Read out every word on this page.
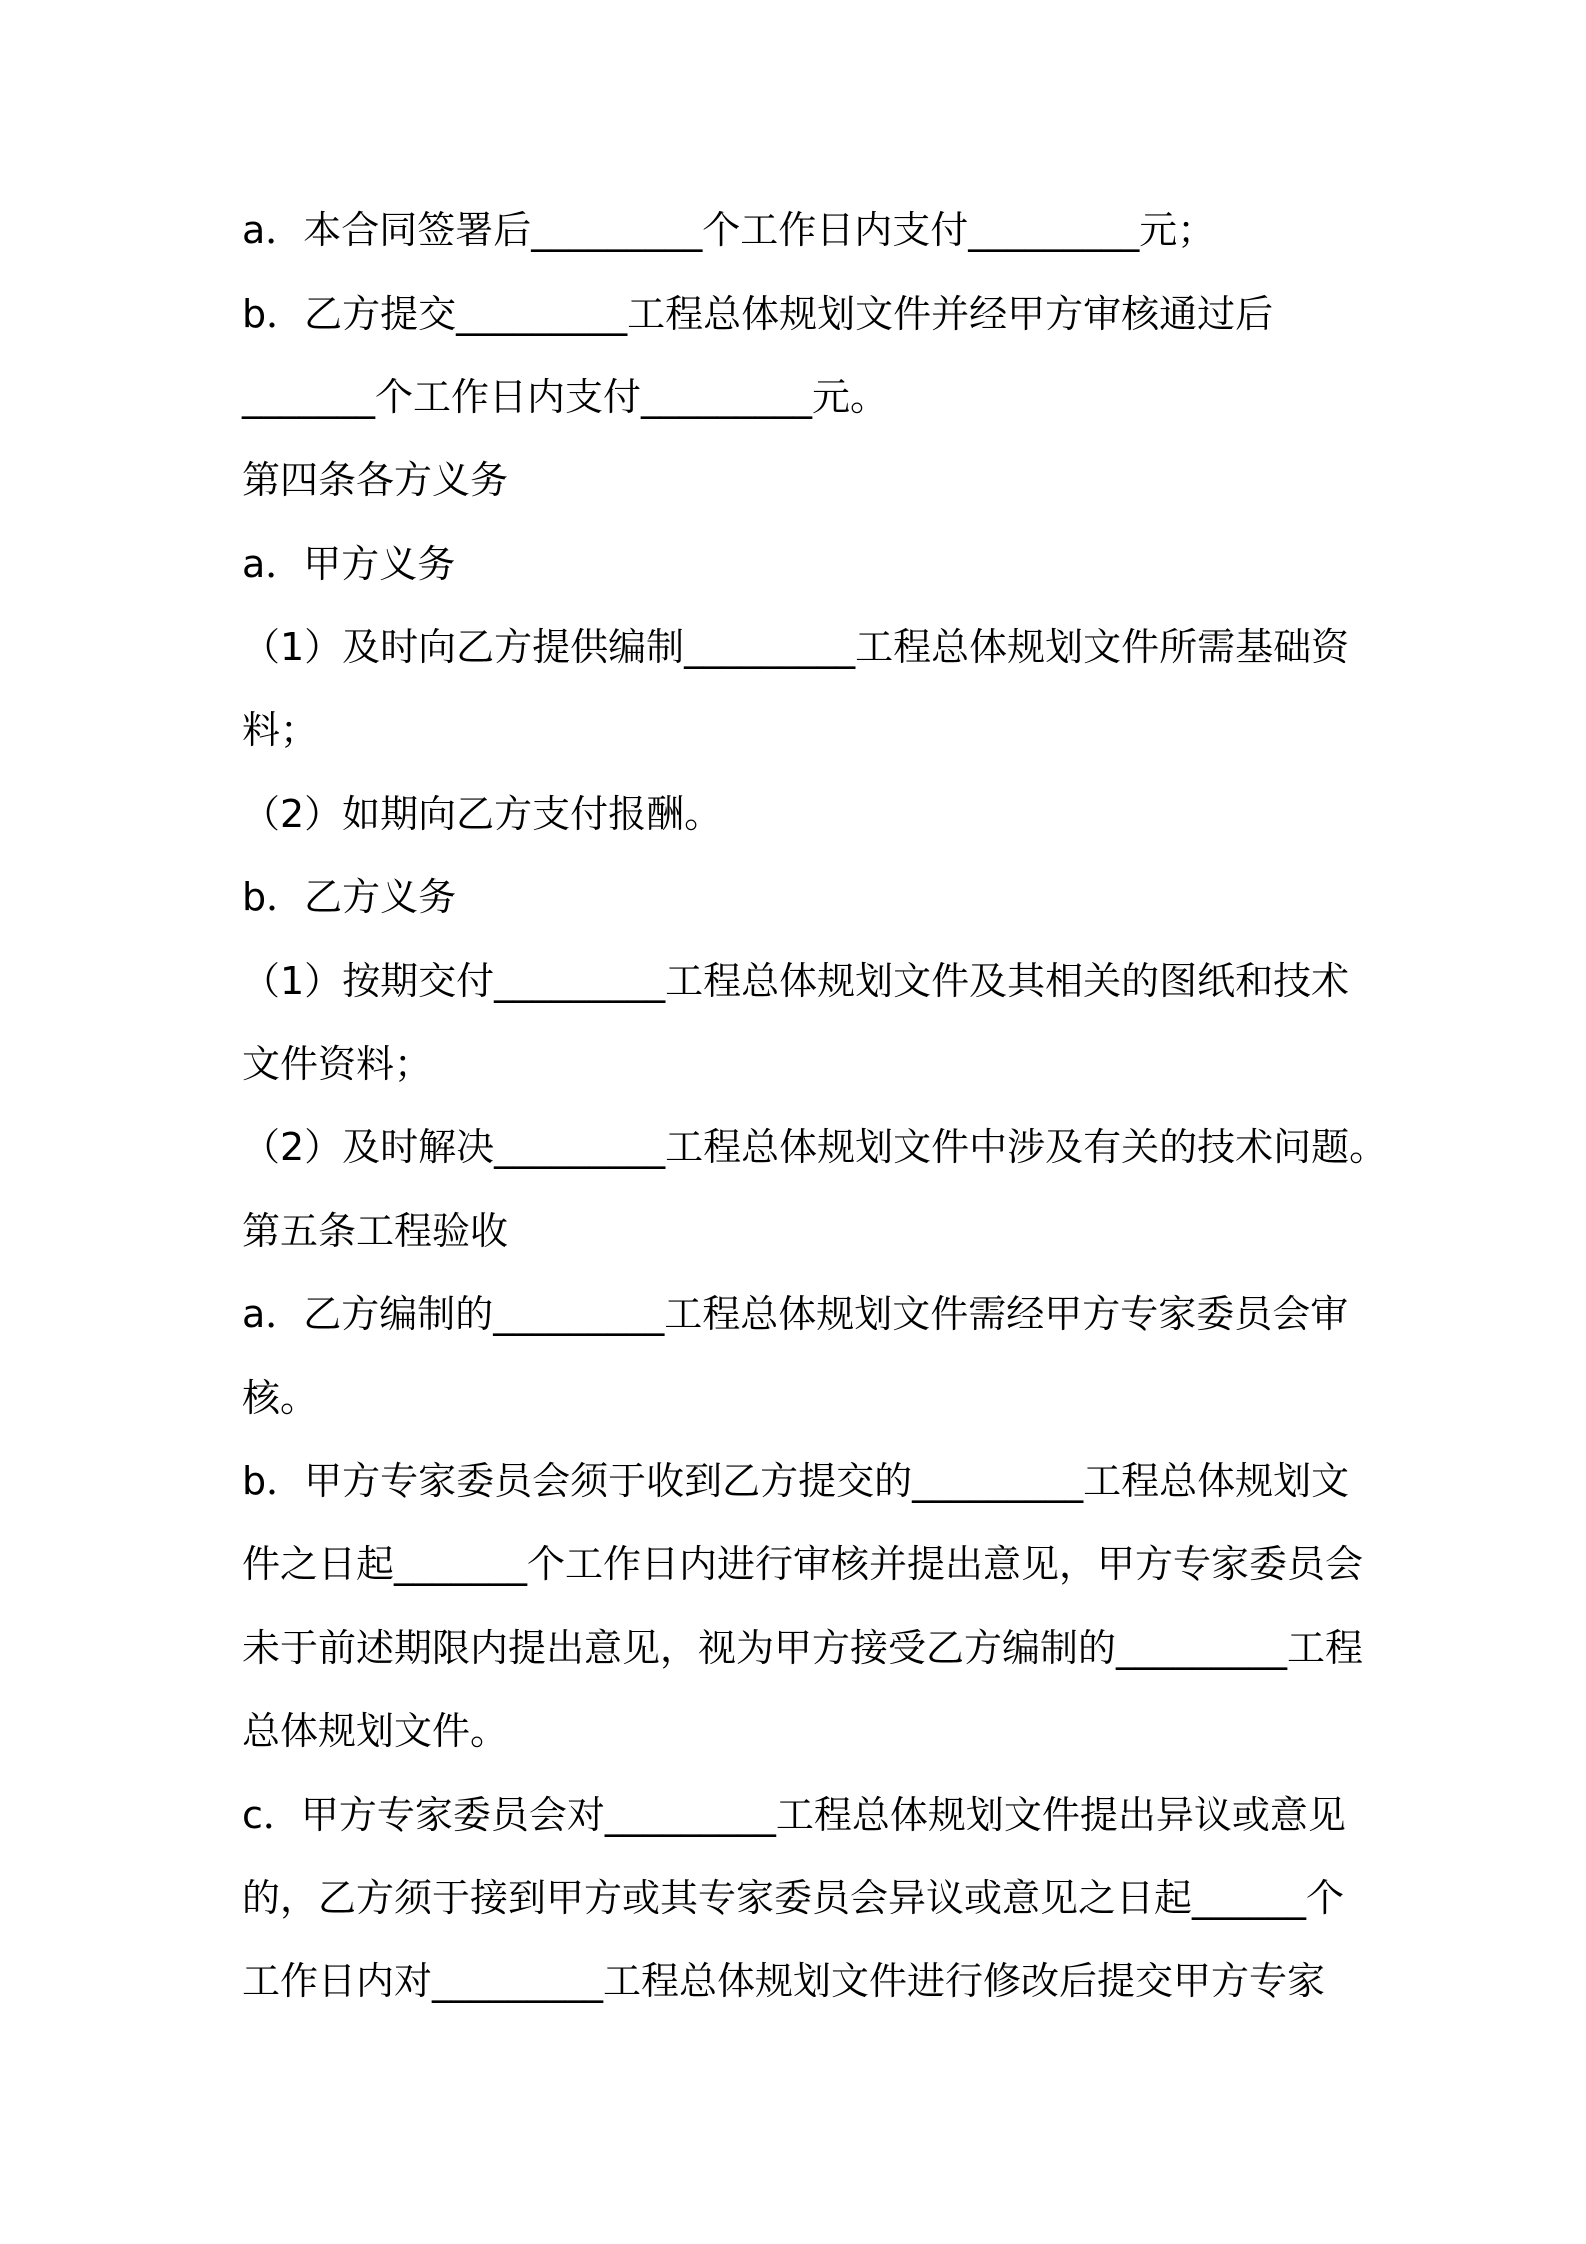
a．本合同签署后_________个工作日内支付_________元；
b．乙方提交_________工程总体规划文件并经甲方审核通过后
_______个工作日内支付_________元。
第四条各方义务
a．甲方义务
（1）及时向乙方提供编制_________工程总体规划文件所需基础资
料；
（2）如期向乙方支付报酬。
b．乙方义务
（1）按期交付_________工程总体规划文件及其相关的图纸和技术
文件资料；
（2）及时解决_________工程总体规划文件中涉及有关的技术问题。
第五条工程验收
a．乙方编制的_________工程总体规划文件需经甲方专家委员会审
核。
b．甲方专家委员会须于收到乙方提交的_________工程总体规划文
件之日起_______个工作日内进行审核并提出意见，甲方专家委员会
未于前述期限内提出意见，视为甲方接受乙方编制的_________工程
总体规划文件。
c．甲方专家委员会对_________工程总体规划文件提出异议或意见
的，乙方须于接到甲方或其专家委员会异议或意见之日起______个
工作日内对_________工程总体规划文件进行修改后提交甲方专家
